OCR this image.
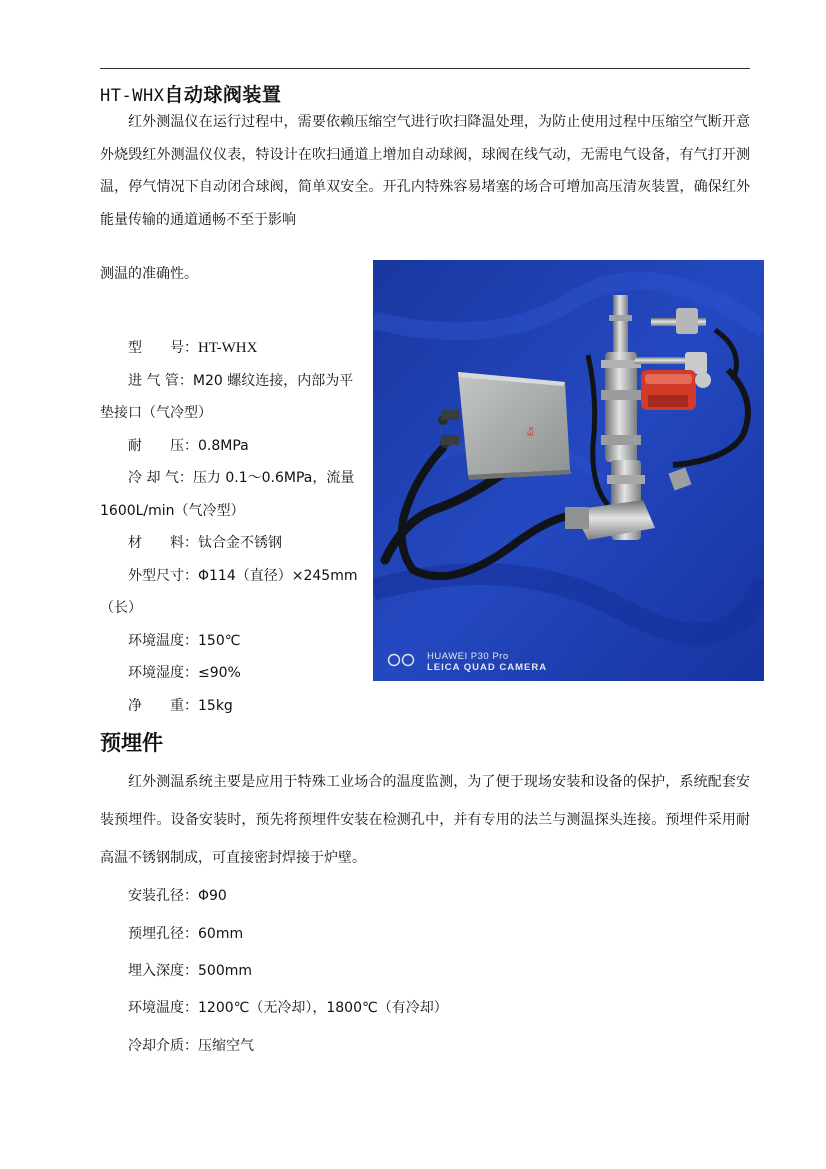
HT-WHX自动球阀装置
红外测温仪在运行过程中，需要依赖压缩空气进行吹扫降温处理，为防止使用过程中压缩空气断开意外烧毁红外测温仪仪表，特设计在吹扫通道上增加自动球阀，球阀在线气动，无需电气设备，有气打开测温，停气情况下自动闭合球阀，简单双安全。开孔内特殊容易堵塞的场合可增加高压清灰装置，确保红外能量传输的通道通畅不至于影响
测温的准确性。
型　　号：HT-WHX
进 气 管：M20 螺纹连接，内部为平垫接口（气冷型）
耐　　压：0.8MPa
冷 却 气：压力 0.1～0.6MPa，流量1600L/min（气冷型）
材　　料：钛合金不锈钢
外型尺寸：Φ114（直径）×245mm（长）
环境温度：150℃
环境湿度：≤90%
净　　重：15kg
Ex
HUAWEI P30 Pro
LEICA QUAD CAMERA
预埋件
红外测温系统主要是应用于特殊工业场合的温度监测，为了便于现场安装和设备的保护，系统配套安装预埋件。设备安装时，预先将预埋件安装在检测孔中，并有专用的法兰与测温探头连接。预埋件采用耐高温不锈钢制成，可直接密封焊接于炉壁。
安装孔径：Φ90
预埋孔径：60mm
埋入深度：500mm
环境温度：1200℃（无冷却），1800℃（有冷却）
冷却介质：压缩空气
